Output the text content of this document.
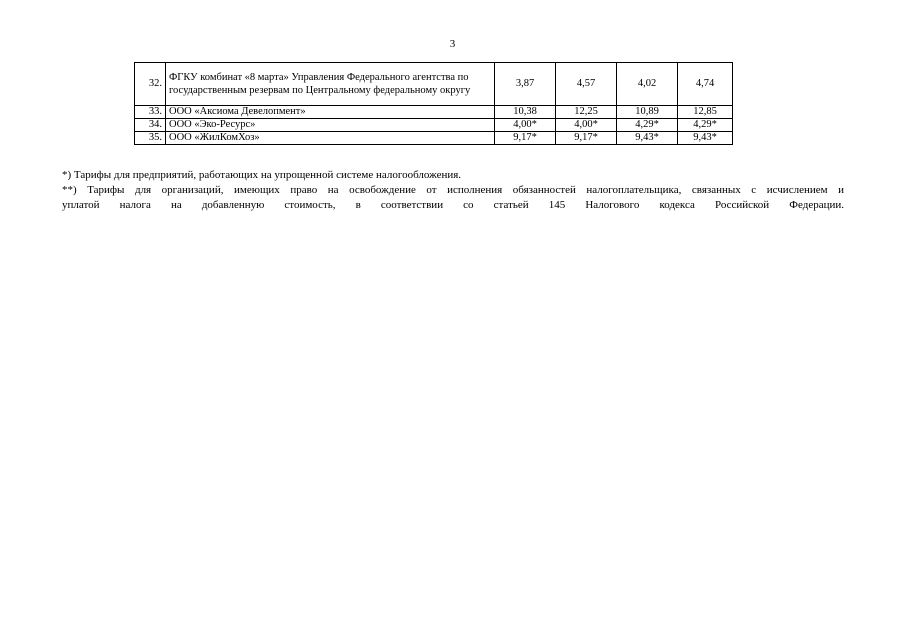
3
32.	ФГКУ комбинат «8 марта» Управления Федерального агентства по государственным резервам по Центральному федеральному округу	3,87	4,57	4,02	4,74
33.	ООО «Аксиома Девелопмент»	10,38	12,25	10,89	12,85
34.	ООО «Эко-Ресурс»	4,00*	4,00*	4,29*	4,29*
35.	ООО «ЖилКомХоз»	9,17*	9,17*	9,43*	9,43*

*) Тарифы для предприятий, работающих на упрощенной системе налогообложения.

**) Тарифы для организаций, имеющих право на освобождение от исполнения обязанностей налогоплательщика, связанных с исчислением и

уплатой налога на добавленную стоимость, в соответствии со статьей 145 Налогового кодекса Российской Федерации.
